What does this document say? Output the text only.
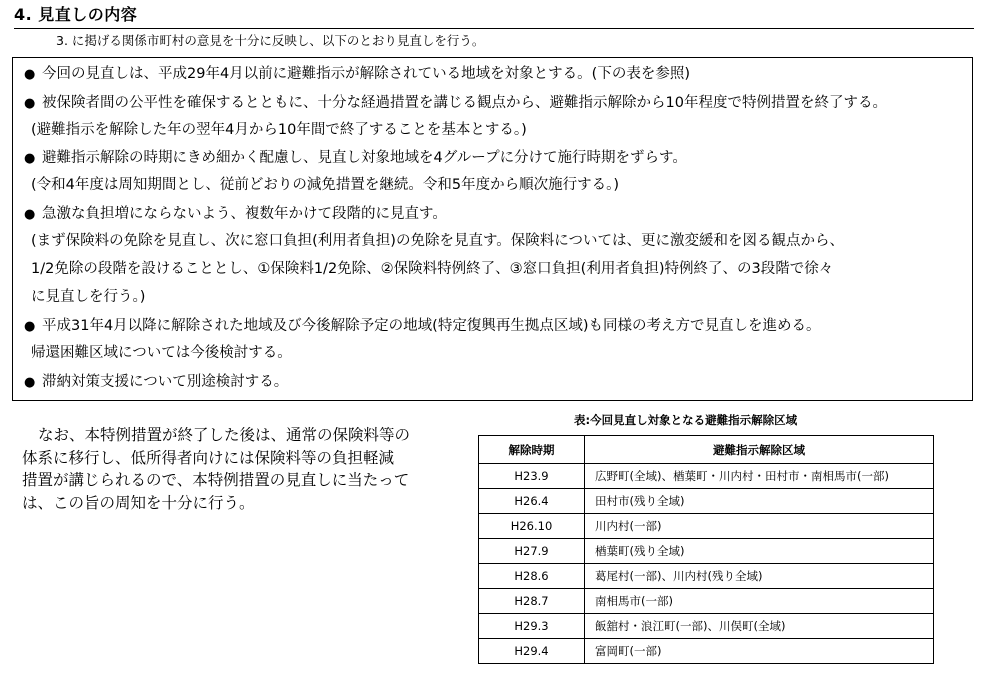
4. 見直しの内容
3. に掲げる関係市町村の意見を十分に反映し、以下のとおり見直しを行う。
● 今回の見直しは、平成29年4月以前に避難指示が解除されている地域を対象とする。(下の表を参照)
● 被保険者間の公平性を確保するとともに、十分な経過措置を講じる観点から、避難指示解除から10年程度で特例措置を終了する。
(避難指示を解除した年の翌年4月から10年間で終了することを基本とする。)
● 避難指示解除の時期にきめ細かく配慮し、見直し対象地域を4グループに分けて施行時期をずらす。
(令和4年度は周知期間とし、従前どおりの減免措置を継続。令和5年度から順次施行する。)
● 急激な負担増にならないよう、複数年かけて段階的に見直す。
(まず保険料の免除を見直し、次に窓口負担(利用者負担)の免除を見直す。保険料については、更に激変緩和を図る観点から、
1/2免除の段階を設けることとし、①保険料1/2免除、②保険料特例終了、③窓口負担(利用者負担)特例終了、の3段階で徐々
に見直しを行う。)
● 平成31年4月以降に解除された地域及び今後解除予定の地域(特定復興再生拠点区域)も同様の考え方で見直しを進める。
帰還困難区域については今後検討する。
● 滞納対策支援について別途検討する。

なお、本特例措置が終了した後は、通常の保険料等の

体系に移行し、低所得者向けには保険料等の負担軽減

措置が講じられるので、本特例措置の見直しに当たって

は、この旨の周知を十分に行う。

表:今回見直し対象となる避難指示解除区域
解除時期	避難指示解除区域
H23.9	広野町(全域)、楢葉町・川内村・田村市・南相馬市(一部)
H26.4	田村市(残り全域)
H26.10	川内村(一部)
H27.9	楢葉町(残り全域)
H28.6	葛尾村(一部)、川内村(残り全域)
H28.7	南相馬市(一部)
H29.3	飯舘村・浪江町(一部)、川俣町(全域)
H29.4	富岡町(一部)
